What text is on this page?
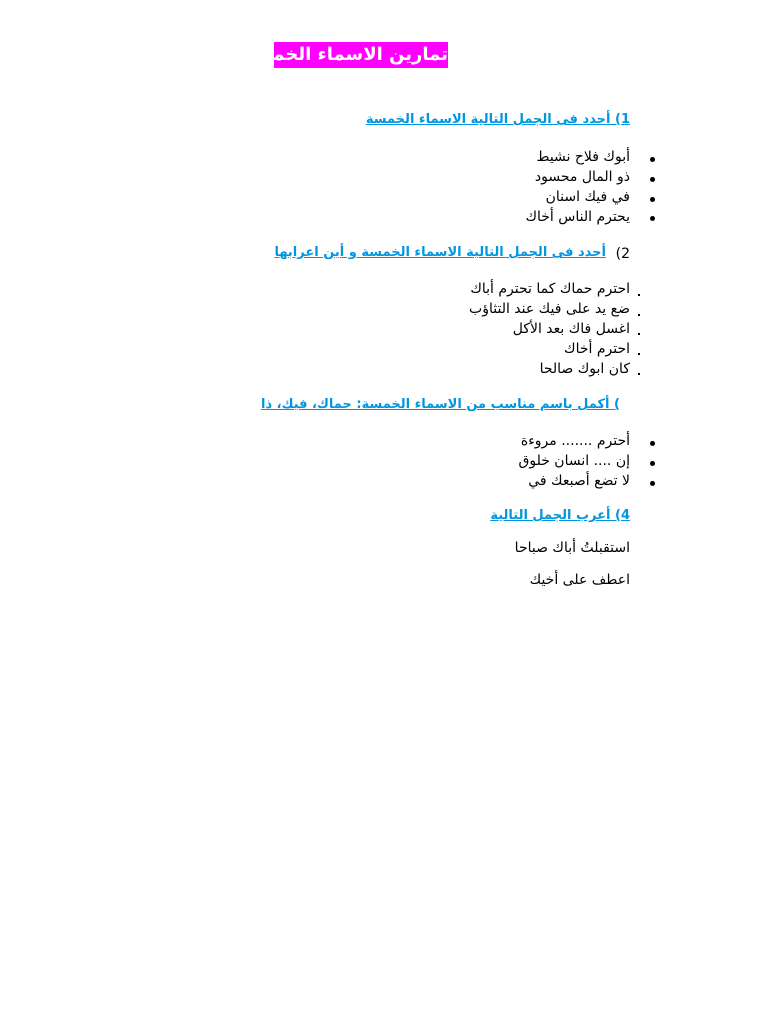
تمارين الاسماء الخمسة
1) أحدد فى الجمل التالية الاسماء الخمسة
أبوك فلاح نشيط
ذو المال محسود
في فيك اسنان
يحترم الناس أخاك
2)
أحدد فى الجمل التالية الاسماء الخمسة و أين اعرابها
احترم حماك كما تحترم أباك
ضع يد على فيك عند التثاؤب
اغسل فاك بعد الأكل
احترم أخاك
كان ابوك صالحا
) أكمل باسم مناسب من الاسماء الخمسة: حماك، فيك، ذا
أحترم ....... مروءة
إن .... انسان خلوق
لا تضع أصبعك في
4) أعرب الجمل التالية
استقبلتُ أباك صباحا
اعطف على أخيك
